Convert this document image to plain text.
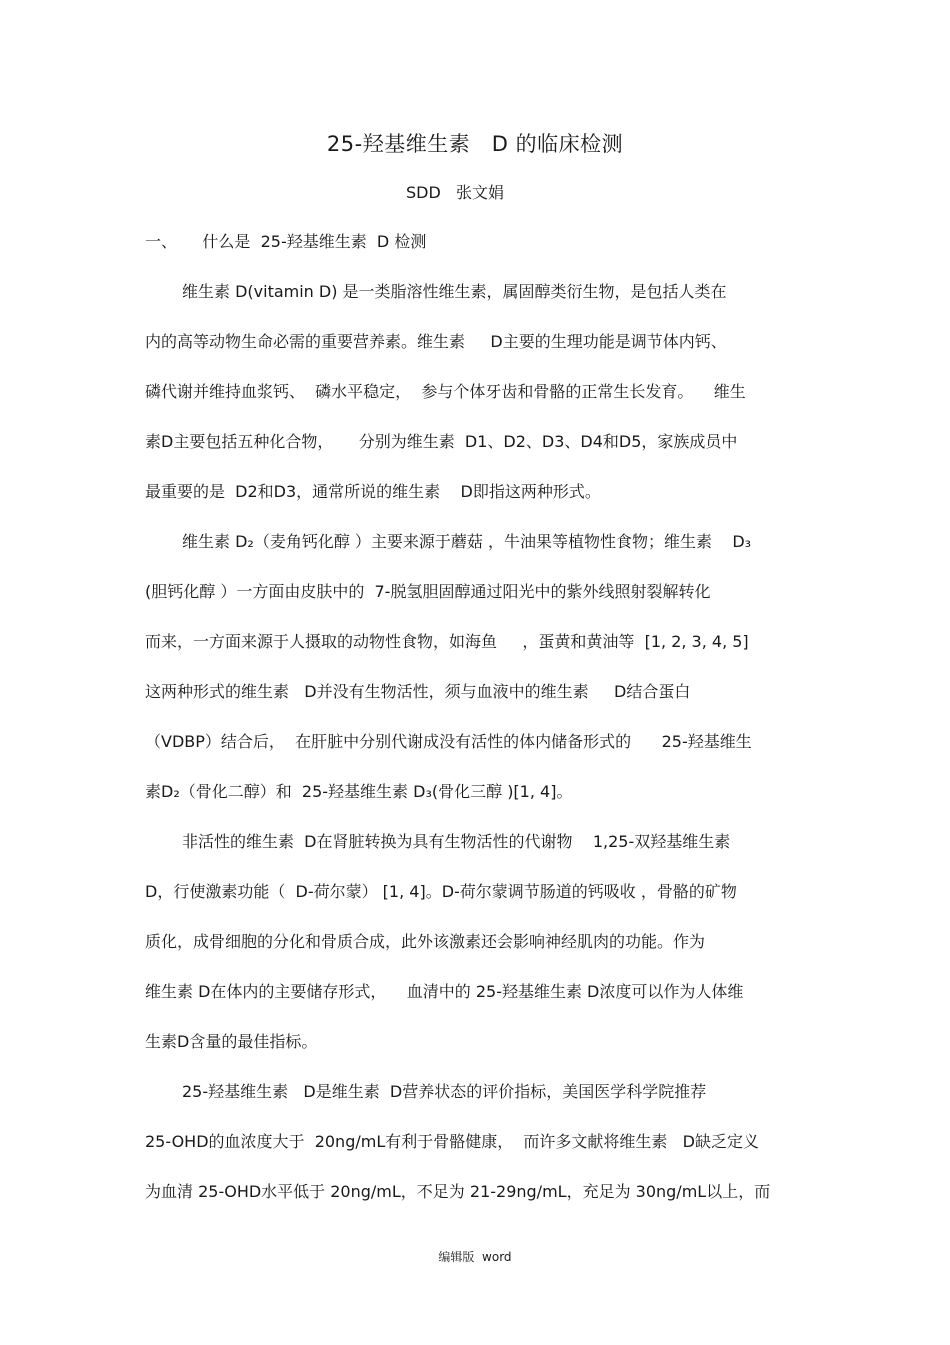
25-羟基维生素   D 的临床检测
SDD   张文娟
一、     什么是  25-羟基维生素  D 检测
维生素 D(vitamin D) 是一类脂溶性维生素，属固醇类衍生物，是包括人类在
内的高等动物生命必需的重要营养素。维生素     D主要的生理功能是调节体内钙、
磷代谢并维持血浆钙、  磷水平稳定，  参与个体牙齿和骨骼的正常生长发育。    维生
素D主要包括五种化合物，     分别为维生素  D1、D2、D3、D4和D5，家族成员中
最重要的是  D2和D3，通常所说的维生素    D即指这两种形式。
维生素 D₂（麦角钙化醇 ）主要来源于蘑菇 ，牛油果等植物性食物；维生素    D₃
(胆钙化醇 ）一方面由皮肤中的  7-脱氢胆固醇通过阳光中的紫外线照射裂解转化
而来，一方面来源于人摄取的动物性食物，如海鱼     ，蛋黄和黄油等  [1, 2, 3, 4, 5]
这两种形式的维生素   D并没有生物活性，须与血液中的维生素     D结合蛋白
（VDBP）结合后，  在肝脏中分别代谢成没有活性的体内储备形式的      25-羟基维生
素D₂（骨化二醇）和  25-羟基维生素 D₃(骨化三醇 )[1, 4]。
非活性的维生素  D在肾脏转换为具有生物活性的代谢物    1,25-双羟基维生素
D，行使激素功能（  D-荷尔蒙） [1, 4]。D-荷尔蒙调节肠道的钙吸收 ，骨骼的矿物
质化，成骨细胞的分化和骨质合成，此外该激素还会影响神经肌肉的功能。作为
维生素 D在体内的主要储存形式，    血清中的 25-羟基维生素 D浓度可以作为人体维
生素D含量的最佳指标。
25-羟基维生素   D是维生素  D营养状态的评价指标，美国医学科学院推荐
25-OHD的血浓度大于  20ng/mL有利于骨骼健康，  而许多文献将维生素   D缺乏定义
为血清 25-OHD水平低于 20ng/mL，不足为 21-29ng/mL，充足为 30ng/mL以上，而
编辑版  word
